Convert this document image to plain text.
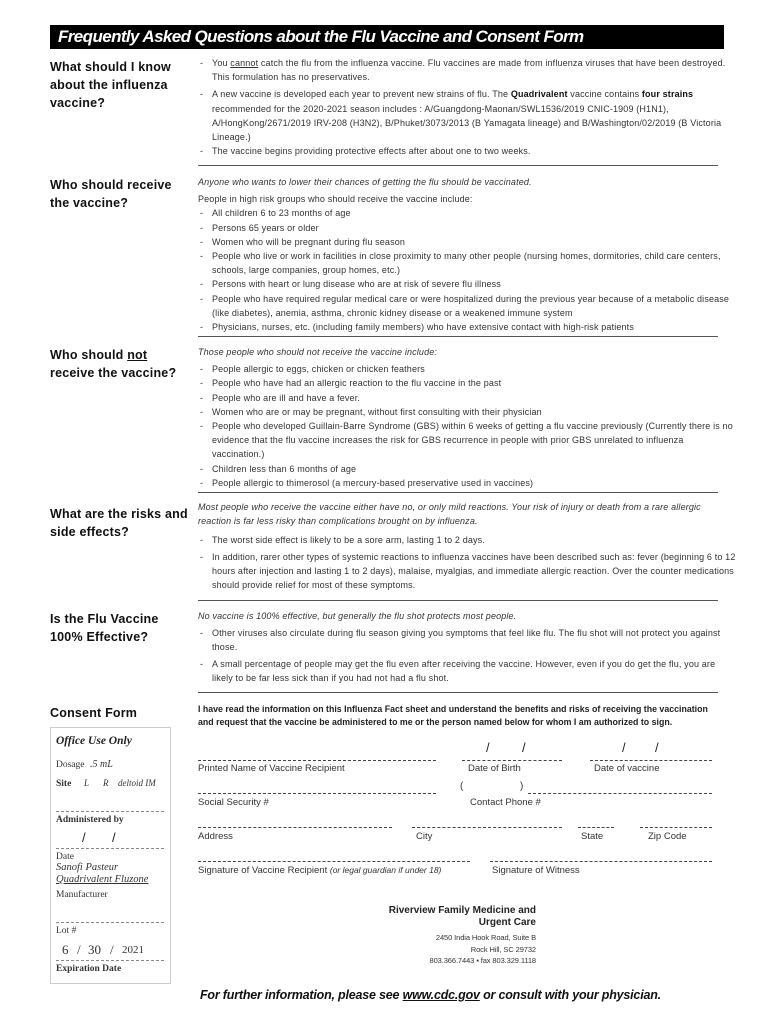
Frequently Asked Questions about the Flu Vaccine and Consent Form
What should I know about the influenza vaccine?
- You cannot catch the flu from the influenza vaccine. Flu vaccines are made from influenza viruses that have been destroyed. This formulation has no preservatives.
- A new vaccine is developed each year to prevent new strains of flu. The Quadrivalent vaccine contains four strains recommended for the 2020-2021 season includes : A/Guangdong-Maonan/SWL1536/2019 CNIC-1909 (H1N1), A/HongKong/2671/2019 IRV-208 (H3N2), B/Phuket/3073/2013 (B Yamagata lineage) and B/Washington/02/2019 (B Victoria Lineage.)
- The vaccine begins providing protective effects after about one to two weeks.
Who should receive the vaccine?
Anyone who wants to lower their chances of getting the flu should be vaccinated.
People in high risk groups who should receive the vaccine include:
- All children 6 to 23 months of age
- Persons 65 years or older
- Women who will be pregnant during flu season
- People who live or work in facilities in close proximity to many other people (nursing homes, dormitories, child care centers, schools, large companies, group homes, etc.)
- Persons with heart or lung disease who are at risk of severe flu illness
- People who have required regular medical care or were hospitalized during the previous year because of a metabolic disease (like diabetes), anemia, asthma, chronic kidney disease or a weakened immune system
- Physicians, nurses, etc. (including family members) who have extensive contact with high-risk patients
Who should not receive the vaccine?
Those people who should not receive the vaccine include:
- People allergic to eggs, chicken or chicken feathers
- People who have had an allergic reaction to the flu vaccine in the past
- People who are ill and have a fever.
- Women who are or may be pregnant, without first consulting with their physician
- People who developed Guillain-Barre Syndrome (GBS) within 6 weeks of getting a flu vaccine previously (Currently there is no evidence that the flu vaccine increases the risk for GBS recurrence in people with prior GBS unrelated to influenza vaccination.)
- Children less than 6 months of age
- People allergic to thimerosol (a mercury-based preservative used in vaccines)
What are the risks and side effects?
Most people who receive the vaccine either have no, or only mild reactions. Your risk of injury or death from a rare allergic reaction is far less risky than complications brought on by influenza.
- The worst side effect is likely to be a sore arm, lasting 1 to 2 days.
- In addition, rarer other types of systemic reactions to influenza vaccines have been described such as: fever (beginning 6 to 12 hours after injection and lasting 1 to 2 days), malaise, myalgias, and immediate allergic reaction. Over the counter medications should provide relief for most of these symptoms.
Is the Flu Vaccine 100% Effective?
No vaccine is 100% effective, but generally the flu shot protects most people.
- Other viruses also circulate during flu season giving you symptoms that feel like flu. The flu shot will not protect you against those.
- A small percentage of people may get the flu even after receiving the vaccine. However, even if you do get the flu, you are likely to be far less sick than if you had not had a flu shot.
Consent Form	I have read the information on this Influenza Fact sheet and understand the benefits and risks of receiving the vaccination and request that the vaccine be administered to me or the person named below for whom I am authorized to sign.
Office Use Only
Dosage .5 mL
Site L R deltoid IM
Administered by
/ /
Date
Sanofi Pasteur
Quadrivalent Fluzone
Manufacturer
Lot #
6 / 30 / 2021
Expiration Date
Printed Name of Vaccine Recipient
/ /
Date of Birth
/ /
Date of vaccine
Social Security #
(	)
Contact Phone #
Address	City	State	Zip Code
Signature of Vaccine Recipient (or legal guardian if under 18)	Signature of Witness
Riverview Family Medicine and
Urgent Care
2450 India Hook Road, Suite B
Rock Hill, SC 29732
803.366.7443 ▪ fax 803.329.1118
For further information, please see www.cdc.gov or consult with your physician.
